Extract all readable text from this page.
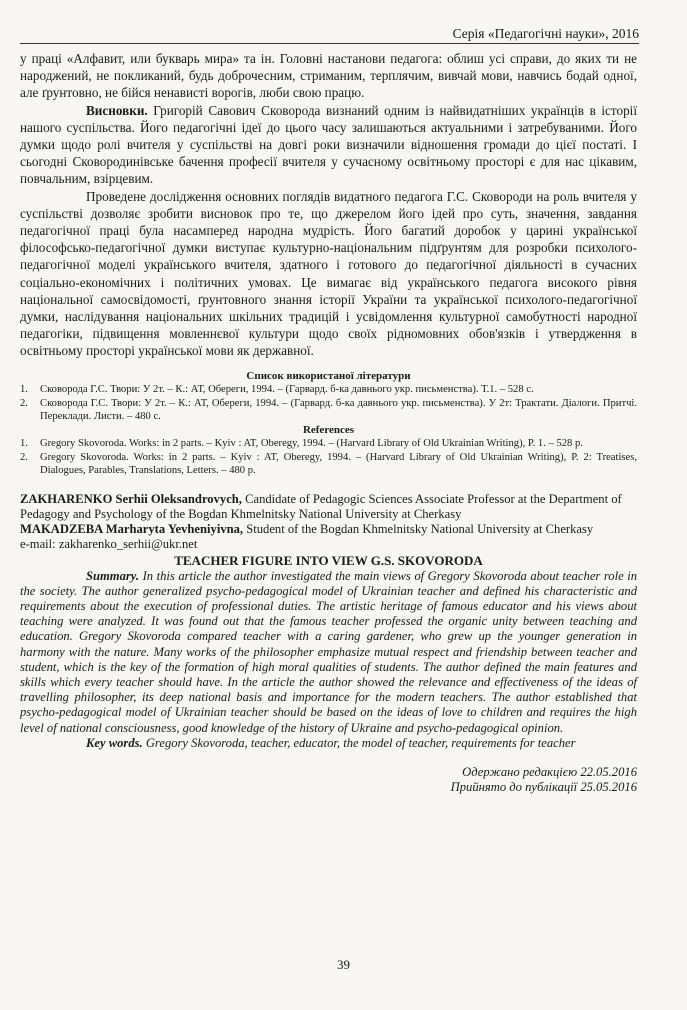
Серія «Педагогічні науки», 2016

у праці «Алфавит, или букварь мира» та ін. Головні настанови педагога: облиш усі справи, до яких ти не народжений, не покликаний, будь доброчесним, стриманим, терплячим, вивчай мови, навчись бодай одної, але ґрунтовно, не бійся ненависті ворогів, люби свою працю.

Висновки. Григорій Савович Сковорода визнаний одним із найвидатніших українців в історії нашого суспільства. Його педагогічні ідеї до цього часу залишаються актуальними і затребуваними. Його думки щодо ролі вчителя у суспільстві на довгі роки визначили відношення громади до цієї постаті. І сьогодні Сковородинівське бачення професії вчителя у сучасному освітньому просторі є для нас цікавим, повчальним, взірцевим.

Проведене дослідження основних поглядів видатного педагога Г.С. Сковороди на роль вчителя у суспільстві дозволяє зробити висновок про те, що джерелом його ідей про суть, значення, завдання педагогічної праці була насамперед народна мудрість. Його багатий доробок у царині української філософсько-педагогічної думки виступає культурно-національним підґрунтям для розробки психолого-педагогічної моделі українського вчителя, здатного і готового до педагогічної діяльності в сучасних соціально-економічних і політичних умовах. Це вимагає від українського педагога високого рівня національної самосвідомості, ґрунтовного знання історії України та української психолого-педагогічної думки, наслідування національних шкільних традицій і усвідомлення культурної самобутності народної педагогіки, підвищення мовленнєвої культури щодо своїх рідномовних обов'язків і утвердження в освітньому просторі української мови як державної.

Список використаної літератури
1. Сковорода Г.С. Твори: У 2т. – К.: АТ, Обереги, 1994. – (Гарвард. б-ка давнього укр. письменства). Т.1. – 528 с.
2. Сковорода Г.С. Твори: У 2т. – К.: АТ, Обереги, 1994. – (Гарвард. б-ка давнього укр. письменства). У 2т: Трактати. Діалоги. Притчі. Переклади. Листи. – 480 с.
References
1. Gregory Skovoroda. Works: in 2 parts. – Kyiv : AT, Oberegy, 1994. – (Harvard Library of Old Ukrainian Writing), P. 1. – 528 p.
2. Gregory Skovoroda. Works: in 2 parts. – Kyiv : AT, Oberegy, 1994. – (Harvard Library of Old Ukrainian Writing), P. 2: Treatises, Dialogues, Parables, Translations, Letters. – 480 p.
ZAKHARENKO Serhii Oleksandrovych, Candidate of Pedagogic Sciences Associate Professor at the Department of Pedagogy and Psychology of the Bogdan Khmelnitsky National University at Cherkasy
MAKADZEBA Marharyta Yevheniyivna, Student of the Bogdan Khmelnitsky National University at Cherkasy
e-mail: zakharenko_serhii@ukr.net
TEACHER FIGURE INTO VIEW G.S. SKOVORODA

Summary. In this article the author investigated the main views of Gregory Skovoroda about teacher role in the society. The author generalized psycho-pedagogical model of Ukrainian teacher and defined his characteristic and requirements about the execution of professional duties. The artistic heritage of famous educator and his views about teaching were analyzed. It was found out that the famous teacher professed the organic unity between teaching and education. Gregory Skovoroda compared teacher with a caring gardener, who grew up the younger generation in harmony with the nature. Many works of the philosopher emphasize mutual respect and friendship between teacher and student, which is the key of the formation of high moral qualities of students. The author defined the main features and skills which every teacher should have. In the article the author showed the relevance and effectiveness of the ideas of travelling philosopher, its deep national basis and importance for the modern teachers. The author established that psycho-pedagogical model of Ukrainian teacher should be based on the ideas of love to children and requires the high level of national consciousness, good knowledge of the history of Ukraine and psycho-pedagogical opinion.

Key words. Gregory Skovoroda, teacher, educator, the model of teacher, requirements for teacher

Одержано редакцією 22.05.2016
Прийнято до публікації 25.05.2016
39
